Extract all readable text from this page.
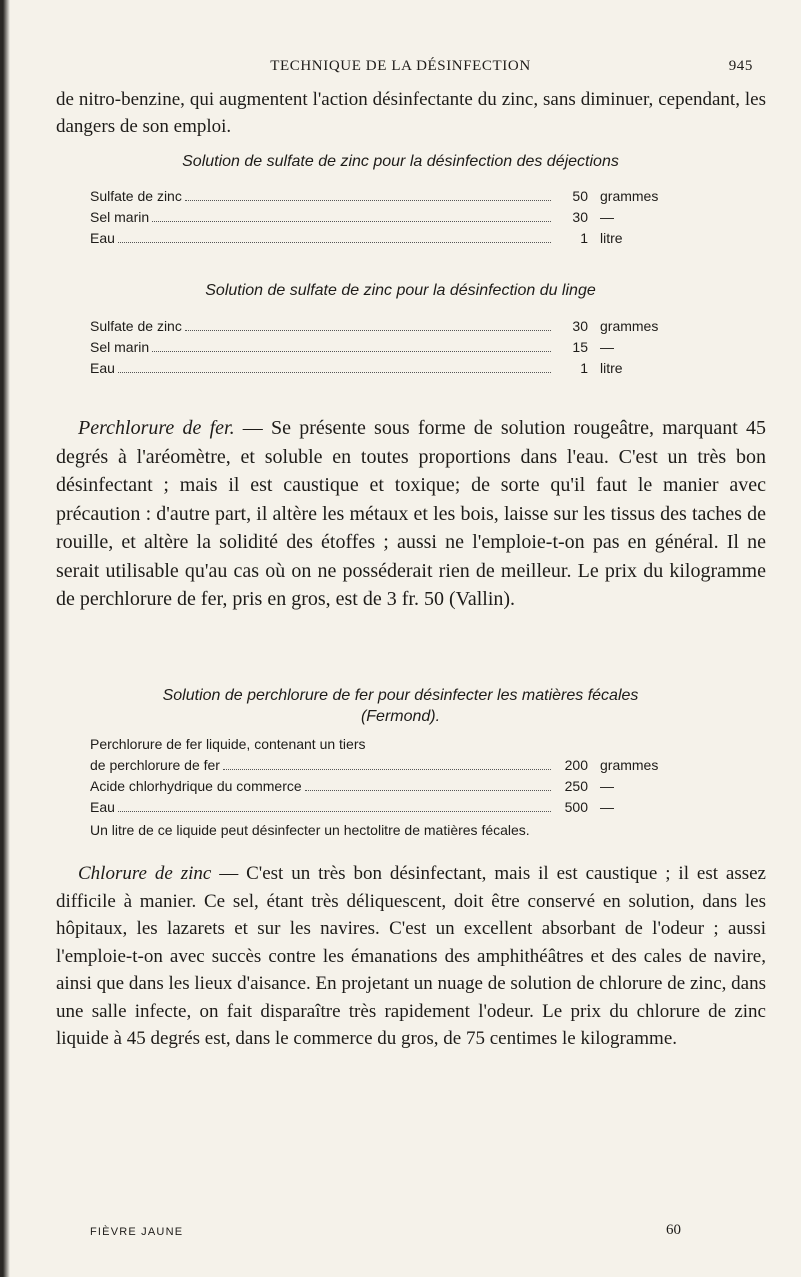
TECHNIQUE DE LA DÉSINFECTION	945
de nitro-benzine, qui augmentent l'action désinfectante du zinc, sans diminuer, cependant, les dangers de son emploi.
Solution de sulfate de zinc pour la désinfection des déjections
Sulfate de zinc	50 grammes
Sel marin	30 —
Eau	1 litre
Solution de sulfate de zinc pour la désinfection du linge
Sulfate de zinc	30 grammes
Sel marin	15 —
Eau	1 litre
Perchlorure de fer. — Se présente sous forme de solution rougeâtre, marquant 45 degrés à l'aréomètre, et soluble en toutes proportions dans l'eau. C'est un très bon désinfectant ; mais il est caustique et toxique; de sorte qu'il faut le manier avec précaution : d'autre part, il altère les métaux et les bois, laisse sur les tissus des taches de rouille, et altère la solidité des étoffes ; aussi ne l'emploie-t-on pas en général. Il ne serait utilisable qu'au cas où on ne posséderait rien de meilleur. Le prix du kilogramme de perchlorure de fer, pris en gros, est de 3 fr. 50 (Vallin).
Solution de perchlorure de fer pour désinfecter les matières fécales
(Fermond).
Perchlorure de fer liquide, contenant un tiers
de perchlorure de fer	200 grammes
Acide chlorhydrique du commerce	250 —
Eau	500 —
Un litre de ce liquide peut désinfecter un hectolitre de matières fécales.
Chlorure de zinc — C'est un très bon désinfectant, mais il est caustique ; il est assez difficile à manier. Ce sel, étant très déliquescent, doit être conservé en solution, dans les hôpitaux, les lazarets et sur les navires. C'est un excellent absorbant de l'odeur ; aussi l'emploie-t-on avec succès contre les émanations des amphithéâtres et des cales de navire, ainsi que dans les lieux d'aisance. En projetant un nuage de solution de chlorure de zinc, dans une salle infecte, on fait disparaître très rapidement l'odeur. Le prix du chlorure de zinc liquide à 45 degrés est, dans le commerce du gros, de 75 centimes le kilogramme.
FIÈVRE JAUNE	60
